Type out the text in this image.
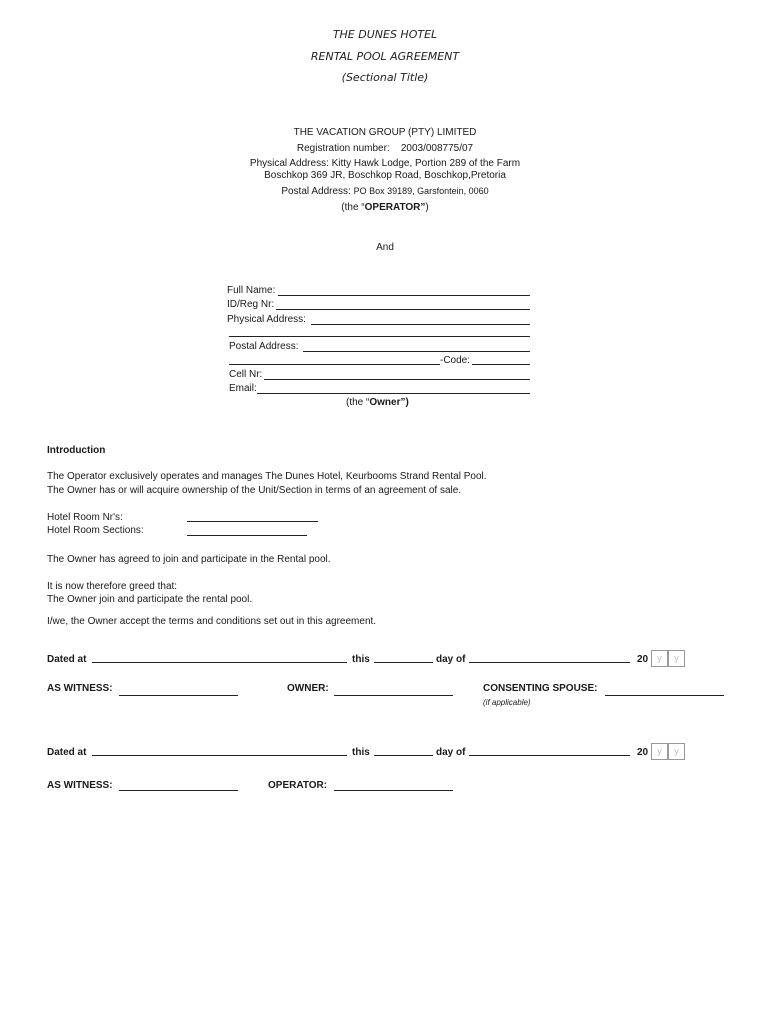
THE DUNES HOTEL
RENTAL POOL AGREEMENT
(Sectional Title)
THE VACATION GROUP (PTY) LIMITED
Registration number: 2003/008775/07
Physical Address: Kitty Hawk Lodge, Portion 289 of the Farm
Boschkop 369 JR, Boschkop Road, Boschkop,Pretoria
Postal Address: PO Box 39189, Garsfontein, 0060
(the “OPERATOR”)
And
Full Name:
ID/Reg Nr:
Physical Address:
Postal Address:
-Code:
Cell Nr:
Email:
(the “Owner”)
Introduction
The Operator exclusively operates and manages The Dunes Hotel, Keurbooms Strand Rental Pool.
The Owner has or will acquire ownership of the Unit/Section in terms of an agreement of sale.
Hotel Room Nr's:
Hotel Room Sections:
The Owner has agreed to join and participate in the Rental pool.
It is now therefore greed that:
The Owner join and participate the rental pool.
I/we, the Owner accept the terms and conditions set out in this agreement.
Dated at	this	day of	20	y	y
AS WITNESS:	OWNER:	CONSENTING SPOUSE:
(if applicable)
Dated at	this	day of	20	y	y
AS WITNESS:	OPERATOR:
